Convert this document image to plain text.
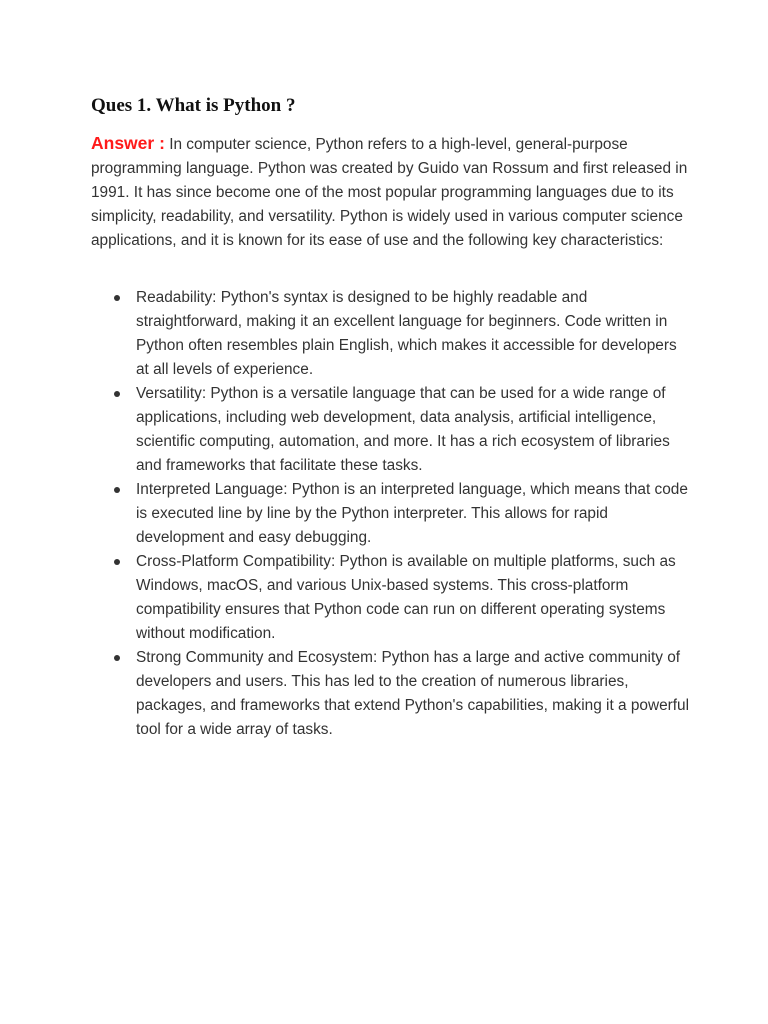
Ques 1. What is Python ?

Answer : In computer science, Python refers to a high-level, general-purpose programming language. Python was created by Guido van Rossum and first released in 1991. It has since become one of the most popular programming languages due to its simplicity, readability, and versatility. Python is widely used in various computer science applications, and it is known for its ease of use and the following key characteristics:

Readability: Python's syntax is designed to be highly readable and straightforward, making it an excellent language for beginners. Code written in Python often resembles plain English, which makes it accessible for developers at all levels of experience.
Versatility: Python is a versatile language that can be used for a wide range of applications, including web development, data analysis, artificial intelligence, scientific computing, automation, and more. It has a rich ecosystem of libraries and frameworks that facilitate these tasks.
Interpreted Language: Python is an interpreted language, which means that code is executed line by line by the Python interpreter. This allows for rapid development and easy debugging.
Cross-Platform Compatibility: Python is available on multiple platforms, such as Windows, macOS, and various Unix-based systems. This cross-platform compatibility ensures that Python code can run on different operating systems without modification.
Strong Community and Ecosystem: Python has a large and active community of developers and users. This has led to the creation of numerous libraries, packages, and frameworks that extend Python's capabilities, making it a powerful tool for a wide array of tasks.
